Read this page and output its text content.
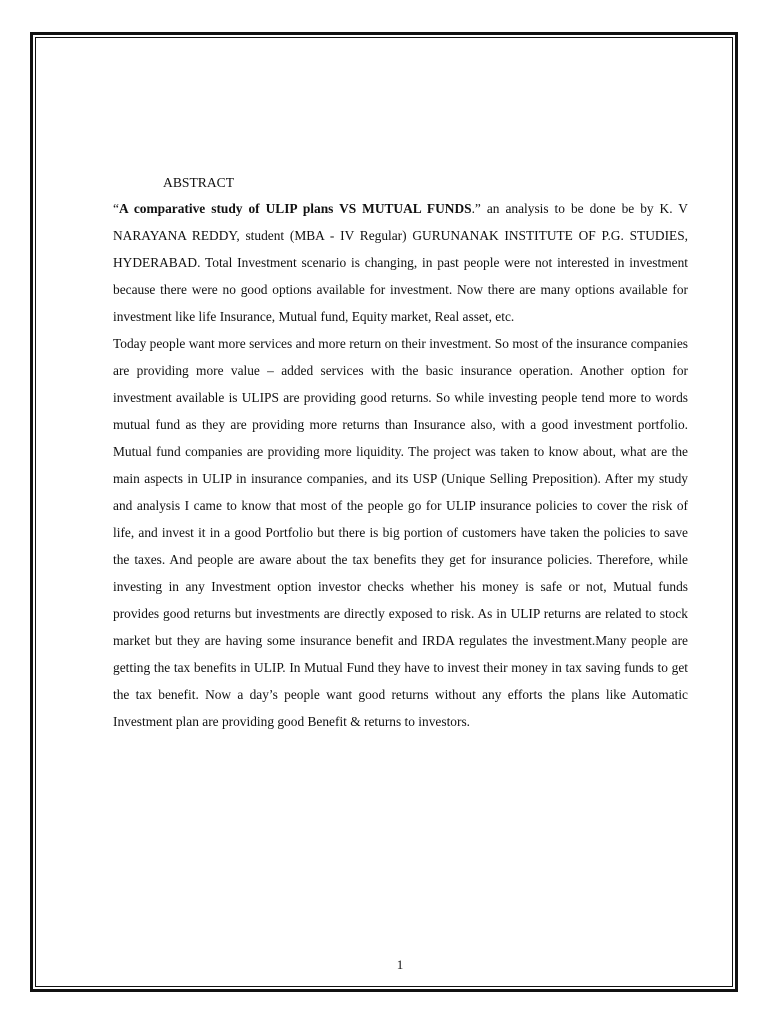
ABSTRACT

“A comparative study of ULIP plans VS MUTUAL FUNDS.” an analysis to be done be by K. V NARAYANA REDDY, student (MBA - IV Regular) GURUNANAK INSTITUTE OF P.G. STUDIES, HYDERABAD. Total Investment scenario is changing, in past people were not interested in investment because there were no good options available for investment. Now there are many options available for investment like life Insurance, Mutual fund, Equity market, Real asset, etc.

Today people want more services and more return on their investment. So most of the insurance companies are providing more value – added services with the basic insurance operation. Another option for investment available is ULIPS are providing good returns. So while investing people tend more to words mutual fund as they are providing more returns than Insurance also, with a good investment portfolio. Mutual fund companies are providing more liquidity. The project was taken to know about, what are the main aspects in ULIP in insurance companies, and its USP (Unique Selling Preposition). After my study and analysis I came to know that most of the people go for ULIP insurance policies to cover the risk of life, and invest it in a good Portfolio but there is big portion of customers have taken the policies to save the taxes. And people are aware about the tax benefits they get for insurance policies. Therefore, while investing in any Investment option investor checks whether his money is safe or not, Mutual funds provides good returns but investments are directly exposed to risk. As in ULIP returns are related to stock market but they are having some insurance benefit and IRDA regulates the investment.Many people are getting the tax benefits in ULIP. In Mutual Fund they have to invest their money in tax saving funds to get the tax benefit. Now a day’s people want good returns without any efforts the plans like Automatic Investment plan are providing good Benefit & returns to investors.

1
